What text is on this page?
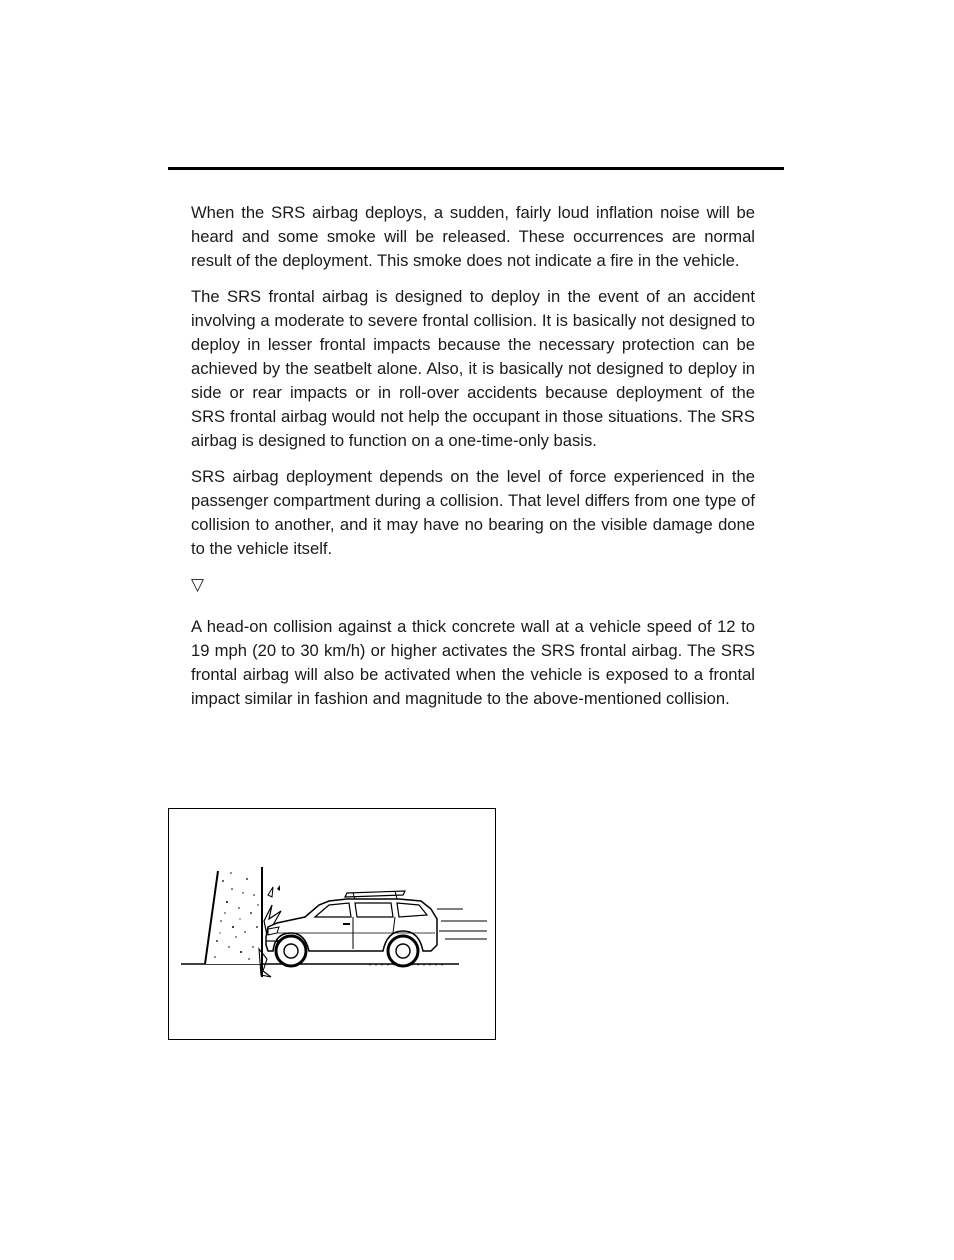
When the SRS airbag deploys, a sudden, fairly loud inflation noise will be heard and some smoke will be released. These occurrences are normal result of the deployment. This smoke does not indicate a fire in the vehicle.

The SRS frontal airbag is designed to deploy in the event of an accident involving a moderate to severe frontal collision. It is basically not designed to deploy in lesser frontal impacts because the necessary protection can be achieved by the seatbelt alone. Also, it is basically not designed to deploy in side or rear impacts or in roll-over accidents because deployment of the SRS frontal airbag would not help the occupant in those situations. The SRS airbag is designed to function on a one-time-only basis.

SRS airbag deployment depends on the level of force experienced in the passenger compartment during a collision. That level differs from one type of collision to another, and it may have no bearing on the visible damage done to the vehicle itself.

▽

A head-on collision against a thick concrete wall at a vehicle speed of 12 to 19 mph (20 to 30 km/h) or higher activates the SRS frontal airbag. The SRS frontal airbag will also be activated when the vehicle is exposed to a frontal impact similar in fashion and magnitude to the above-mentioned collision.
